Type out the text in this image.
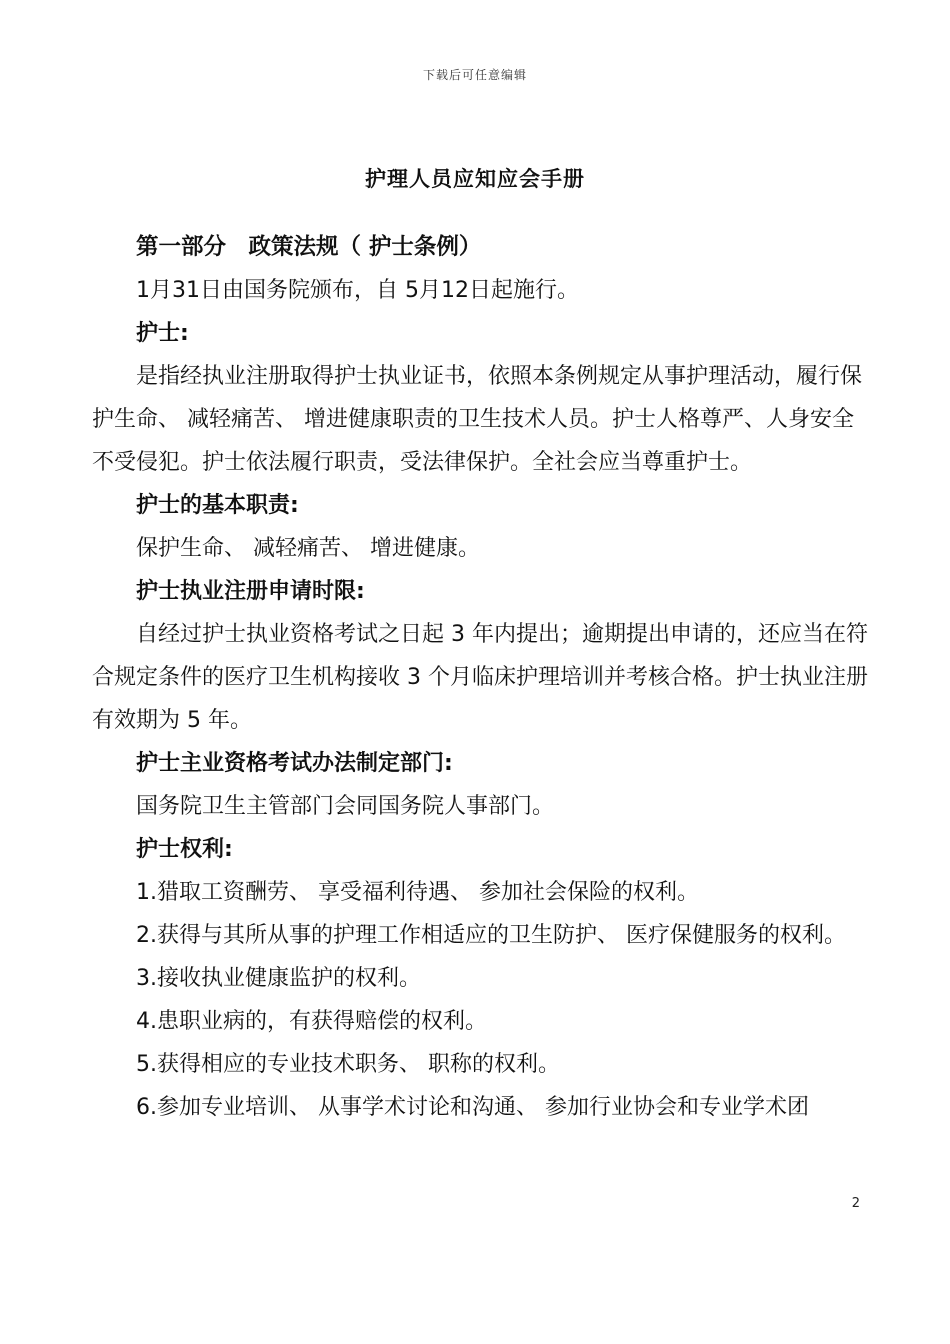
下载后可任意编辑
护理人员应知应会手册

第一部分　政策法规（ 护士条例）

1月31日由国务院颁布，自 5月12日起施行。

护士:

是指经执业注册取得护士执业证书，依照本条例规定从事护理活动，履行保护生命、 减轻痛苦、 增进健康职责的卫生技术人员。护士人格尊严、人身安全不受侵犯。护士依法履行职责，受法律保护。全社会应当尊重护士。

护士的基本职责:

保护生命、 减轻痛苦、 增进健康。

护士执业注册申请时限:

自经过护士执业资格考试之日起 3 年内提出；逾期提出申请的，还应当在符合规定条件的医疗卫生机构接收 3 个月临床护理培训并考核合格。护士执业注册有效期为 5 年。

护士主业资格考试办法制定部门:

国务院卫生主管部门会同国务院人事部门。

护士权利:

1.猎取工资酬劳、 享受福利待遇、 参加社会保险的权利。

2.获得与其所从事的护理工作相适应的卫生防护、 医疗保健服务的权利。

3.接收执业健康监护的权利。

4.患职业病的，有获得赔偿的权利。

5.获得相应的专业技术职务、 职称的权利。

6.参加专业培训、 从事学术讨论和沟通、 参加行业协会和专业学术团

2
